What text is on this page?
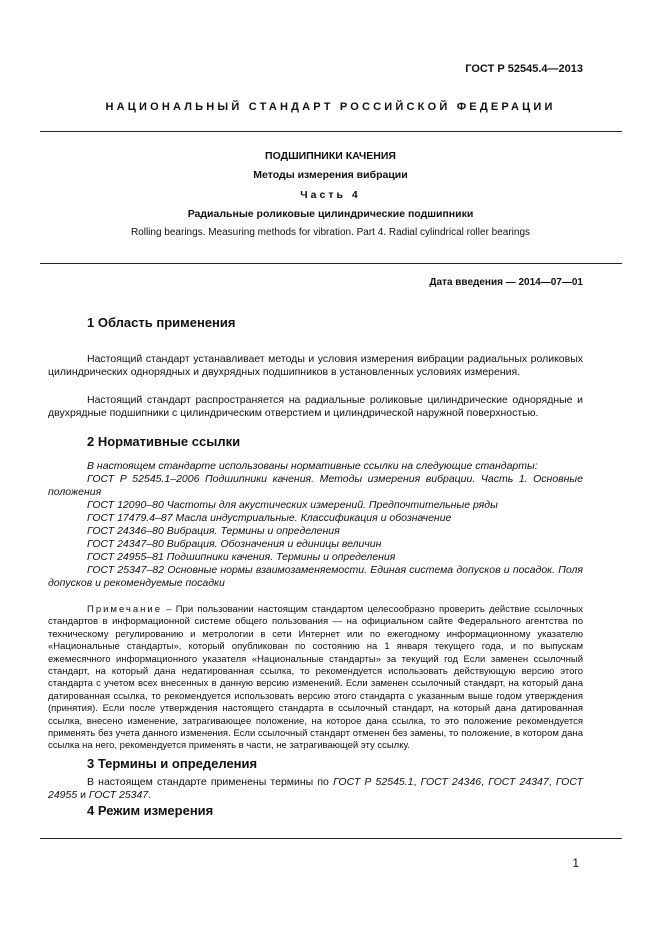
ГОСТ Р 52545.4—2013
НАЦИОНАЛЬНЫЙ СТАНДАРТ РОССИЙСКОЙ ФЕДЕРАЦИИ
ПОДШИПНИКИ КАЧЕНИЯ
Методы измерения вибрации
Часть 4
Радиальные роликовые цилиндрические подшипники
Rolling bearings. Measuring methods for vibration. Part 4. Radial cylindrical roller bearings
Дата введения — 2014—07—01
1 Область применения

Настоящий стандарт устанавливает методы и условия измерения вибрации радиальных роликовых цилиндрических однорядных и двухрядных подшипников в установленных условиях измерения.

Настоящий стандарт распространяется на радиальные роликовые цилиндрические однорядные и двухрядные подшипники с цилиндрическим отверстием и цилиндрической наружной поверхностью.

2 Нормативные ссылки
В настоящем стандарте использованы нормативные ссылки на следующие стандарты:
ГОСТ Р 52545.1–2006 Подшипники качения. Методы измерения вибрации. Часть 1. Основные положения
ГОСТ 12090–80 Частоты для акустических измерений. Предпочтительные ряды
ГОСТ 17479.4–87 Масла индустриальные. Классификация и обозначение
ГОСТ 24346–80 Вибрация. Термины и определения
ГОСТ 24347–80 Вибрация. Обозначения и единицы величин
ГОСТ 24955–81 Подшипники качения. Термины и определения
ГОСТ 25347–82 Основные нормы взаимозаменяемости. Единая система допусков и посадок. Поля допусков и рекомендуемые посадки

Примечание – При пользовании настоящим стандартом целесообразно проверить действие ссылочных стандартов в информационной системе общего пользования — на официальном сайте Федерального агентства по техническому регулированию и метрологии в сети Интернет или по ежегодному информационному указателю «Национальные стандарты», который опубликован по состоянию на 1 января текущего года, и по выпускам ежемесячного информационного указателя «Национальные стандарты» за текущий год Если заменен ссылочный стандарт, на который дана недатированная ссылка, то рекомендуется использовать действующую версию этого стандарта с учетом всех внесенных в данную версию изменений. Если заменен ссылочный стандарт, на который дана датированная ссылка, то рекомендуется использовать версию этого стандарта с указанным выше годом утверждения (принятия). Если после утверждения настоящего стандарта в ссылочный стандарт, на который дана датированная ссылка, внесено изменение, затрагивающее положение, на которое дана ссылка, то это положение рекомендуется применять без учета данного изменения. Если ссылочный стандарт отменен без замены, то положение, в котором дана ссылка на него, рекомендуется применять в части, не затрагивающей эту ссылку.

3 Термины и определения

В настоящем стандарте применены термины по ГОСТ Р 52545.1, ГОСТ 24346, ГОСТ 24347, ГОСТ 24955 и ГОСТ 25347.

4 Режим измерения
1
